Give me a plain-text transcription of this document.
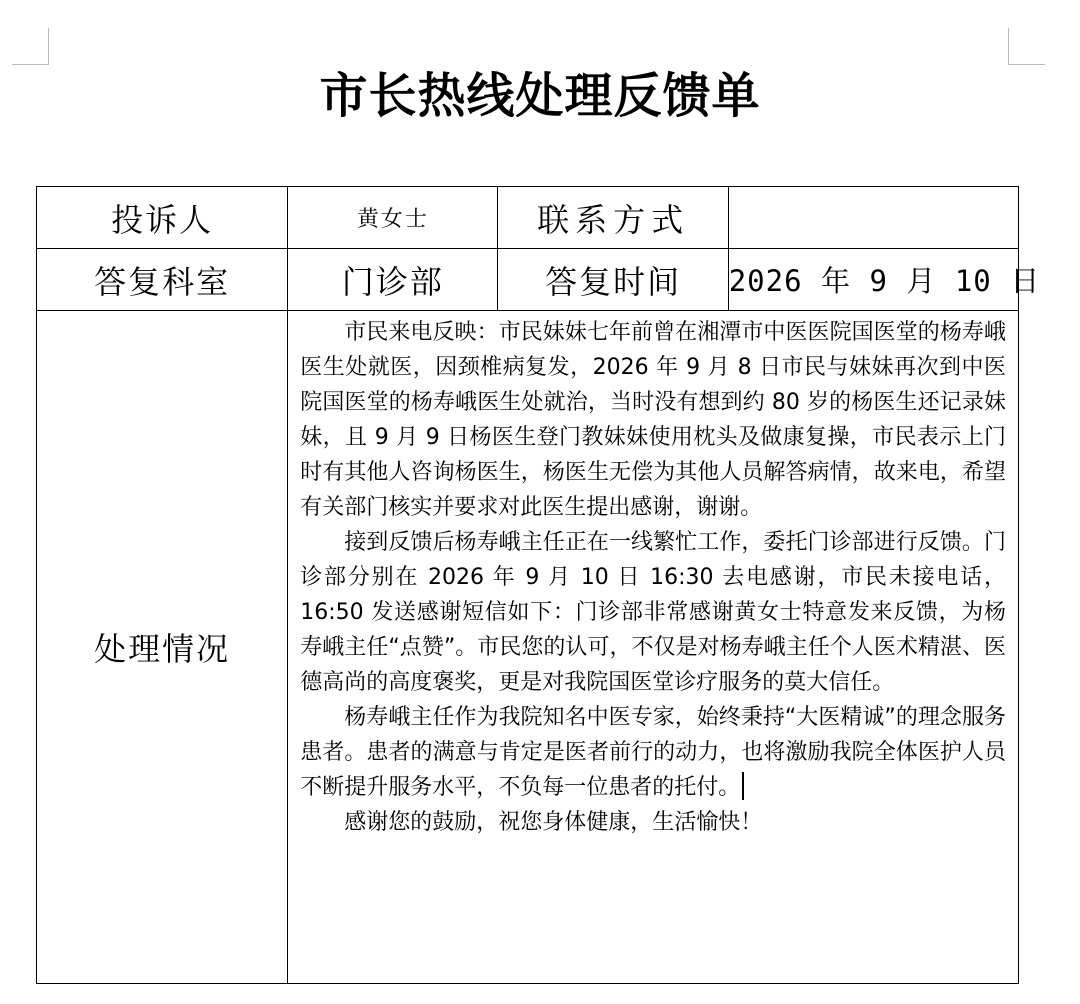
市长热线处理反馈单
投诉人	黄女士	联系方式	
答复科室	门诊部	答复时间	2026 年 9 月 10 日
处理情况	市民来电反映：市民妹妹七年前曾在湘潭市中医医院国医堂的杨寿峨医生处就医，因颈椎病复发，2026 年 9 月 8 日市民与妹妹再次到中医院国医堂的杨寿峨医生处就治，当时没有想到约 80 岁的杨医生还记录妹妹，且 9 月 9 日杨医生登门教妹妹使用枕头及做康复操，市民表示上门时有其他人咨询杨医生，杨医生无偿为其他人员解答病情，故来电，希望有关部门核实并要求对此医生提出感谢，谢谢。

接到反馈后杨寿峨主任正在一线繁忙工作，委托门诊部进行反馈。门诊部分别在 2026 年 9 月 10 日 16:30 去电感谢，市民未接电话，16:50 发送感谢短信如下：门诊部非常感谢黄女士特意发来反馈，为杨寿峨主任“点赞”。市民您的认可，不仅是对杨寿峨主任个人医术精湛、医德高尚的高度褒奖，更是对我院国医堂诊疗服务的莫大信任。

杨寿峨主任作为我院知名中医专家，始终秉持“大医精诚”的理念服务患者。患者的满意与肯定是医者前行的动力，也将激励我院全体医护人员不断提升服务水平，不负每一位患者的托付。

感谢您的鼓励，祝您身体健康，生活愉快！		
